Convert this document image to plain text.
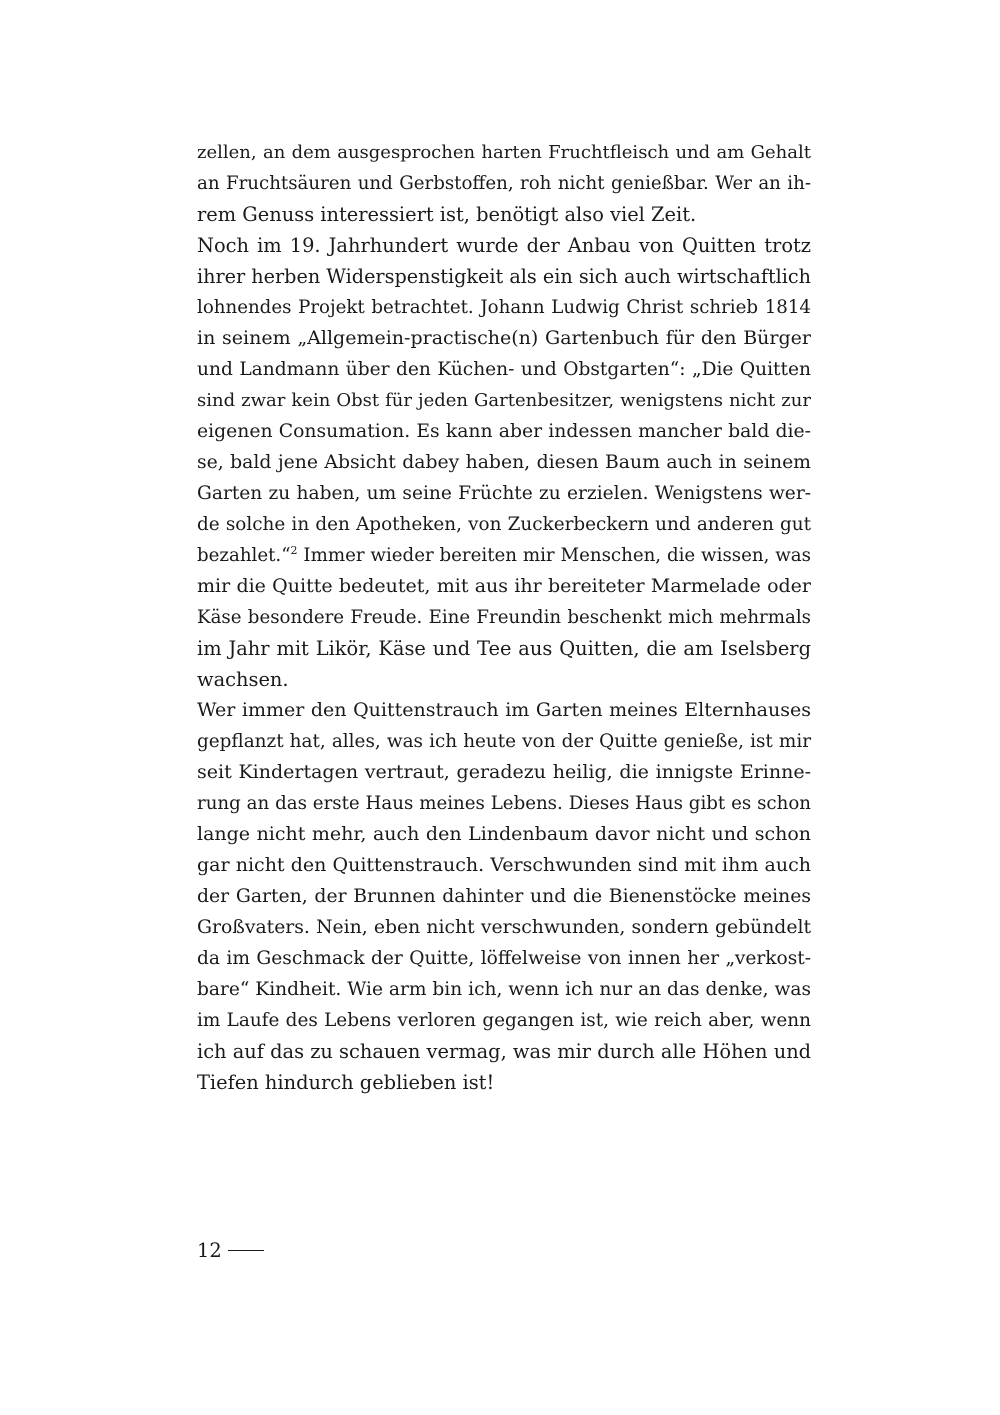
zellen, an dem ausgesprochen harten Fruchtfleisch und am Gehalt
an Fruchtsäuren und Gerbstoffen, roh nicht genießbar. Wer an ih-
rem Genuss interessiert ist, benötigt also viel Zeit.
Noch im 19. Jahrhundert wurde der Anbau von Quitten trotz
ihrer herben Widerspenstigkeit als ein sich auch wirtschaftlich
lohnendes Projekt betrachtet. Johann Ludwig Christ schrieb 1814
in seinem „Allgemein-practische(n) Gartenbuch für den Bürger
und Landmann über den Küchen- und Obstgarten“: „Die Quitten
sind zwar kein Obst für jeden Gartenbesitzer, wenigstens nicht zur
eigenen Consumation. Es kann aber indessen mancher bald die-
se, bald jene Absicht dabey haben, diesen Baum auch in seinem
Garten zu haben, um seine Früchte zu erzielen. Wenigstens wer-
de solche in den Apotheken, von Zuckerbeckern und anderen gut
bezahlet.“$^2$ Immer wieder bereiten mir Menschen, die wissen, was
mir die Quitte bedeutet, mit aus ihr bereiteter Marmelade oder
Käse besondere Freude. Eine Freundin beschenkt mich mehrmals
im Jahr mit Likör, Käse und Tee aus Quitten, die am Iselsberg
wachsen.
Wer immer den Quittenstrauch im Garten meines Elternhauses
gepflanzt hat, alles, was ich heute von der Quitte genieße, ist mir
seit Kindertagen vertraut, geradezu heilig, die innigste Erinne-
rung an das erste Haus meines Lebens. Dieses Haus gibt es schon
lange nicht mehr, auch den Lindenbaum davor nicht und schon
gar nicht den Quittenstrauch. Verschwunden sind mit ihm auch
der Garten, der Brunnen dahinter und die Bienenstöcke meines
Großvaters. Nein, eben nicht verschwunden, sondern gebündelt
da im Geschmack der Quitte, löffelweise von innen her „verkost-
bare“ Kindheit. Wie arm bin ich, wenn ich nur an das denke, was
im Laufe des Lebens verloren gegangen ist, wie reich aber, wenn
ich auf das zu schauen vermag, was mir durch alle Höhen und
Tiefen hindurch geblieben ist!
12
